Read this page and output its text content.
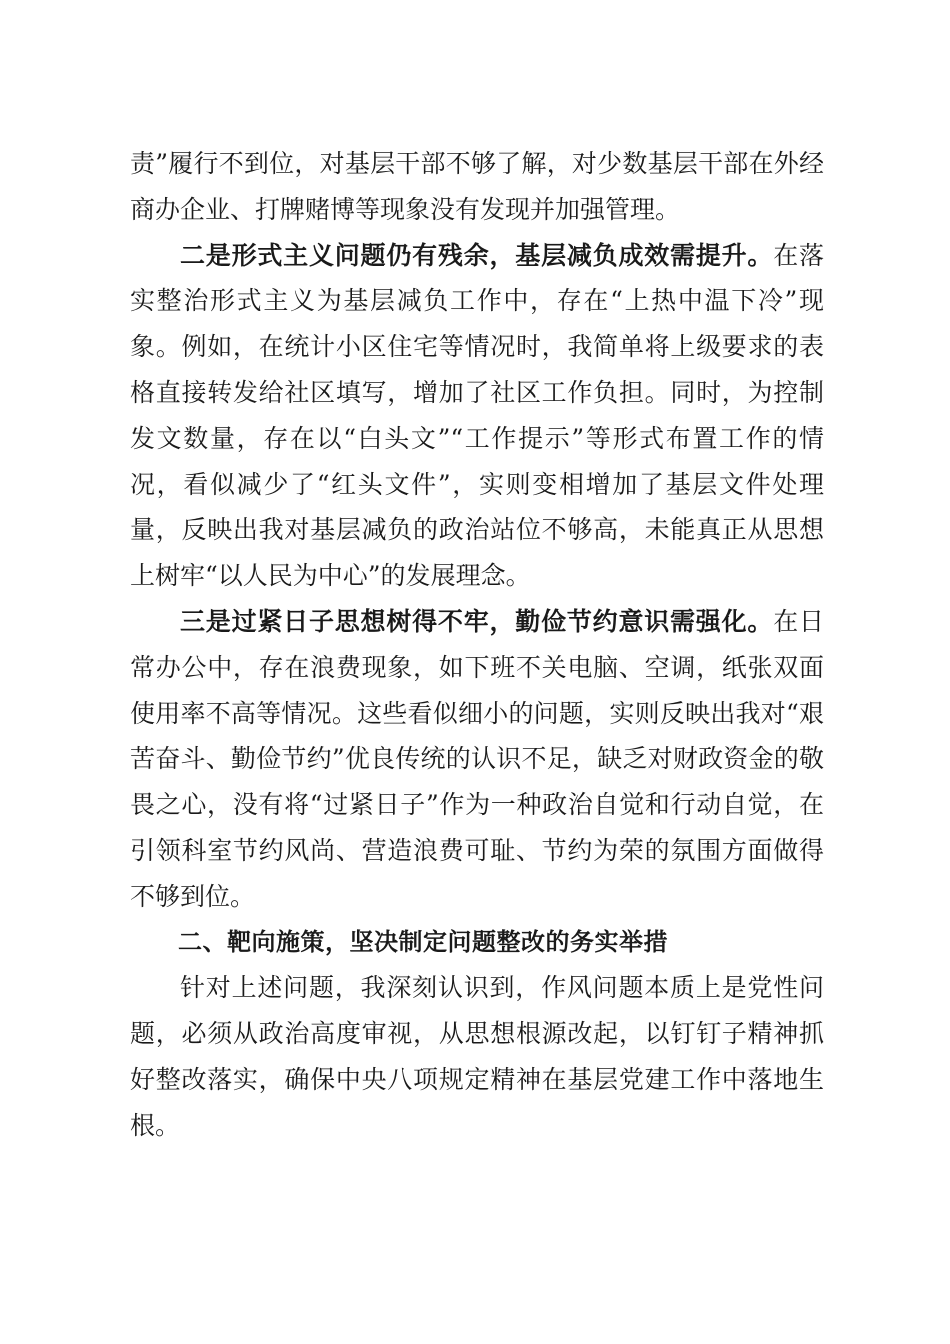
责”履行不到位，对基层干部不够了解，对少数基层干部在外经商办企业、打牌赌博等现象没有发现并加强管理。

二是形式主义问题仍有残余，基层减负成效需提升。在落实整治形式主义为基层减负工作中，存在“上热中温下冷”现象。例如，在统计小区住宅等情况时，我简单将上级要求的表格直接转发给社区填写，增加了社区工作负担。同时，为控制发文数量，存在以“白头文”“工作提示”等形式布置工作的情况，看似减少了“红头文件”，实则变相增加了基层文件处理量，反映出我对基层减负的政治站位不够高，未能真正从思想上树牢“以人民为中心”的发展理念。

三是过紧日子思想树得不牢，勤俭节约意识需强化。在日常办公中，存在浪费现象，如下班不关电脑、空调，纸张双面使用率不高等情况。这些看似细小的问题，实则反映出我对“艰苦奋斗、勤俭节约”优良传统的认识不足，缺乏对财政资金的敬畏之心，没有将“过紧日子”作为一种政治自觉和行动自觉，在引领科室节约风尚、营造浪费可耻、节约为荣的氛围方面做得不够到位。

二、靶向施策，坚决制定问题整改的务实举措

针对上述问题，我深刻认识到，作风问题本质上是党性问题，必须从政治高度审视，从思想根源改起，以钉钉子精神抓好整改落实，确保中央八项规定精神在基层党建工作中落地生根。
